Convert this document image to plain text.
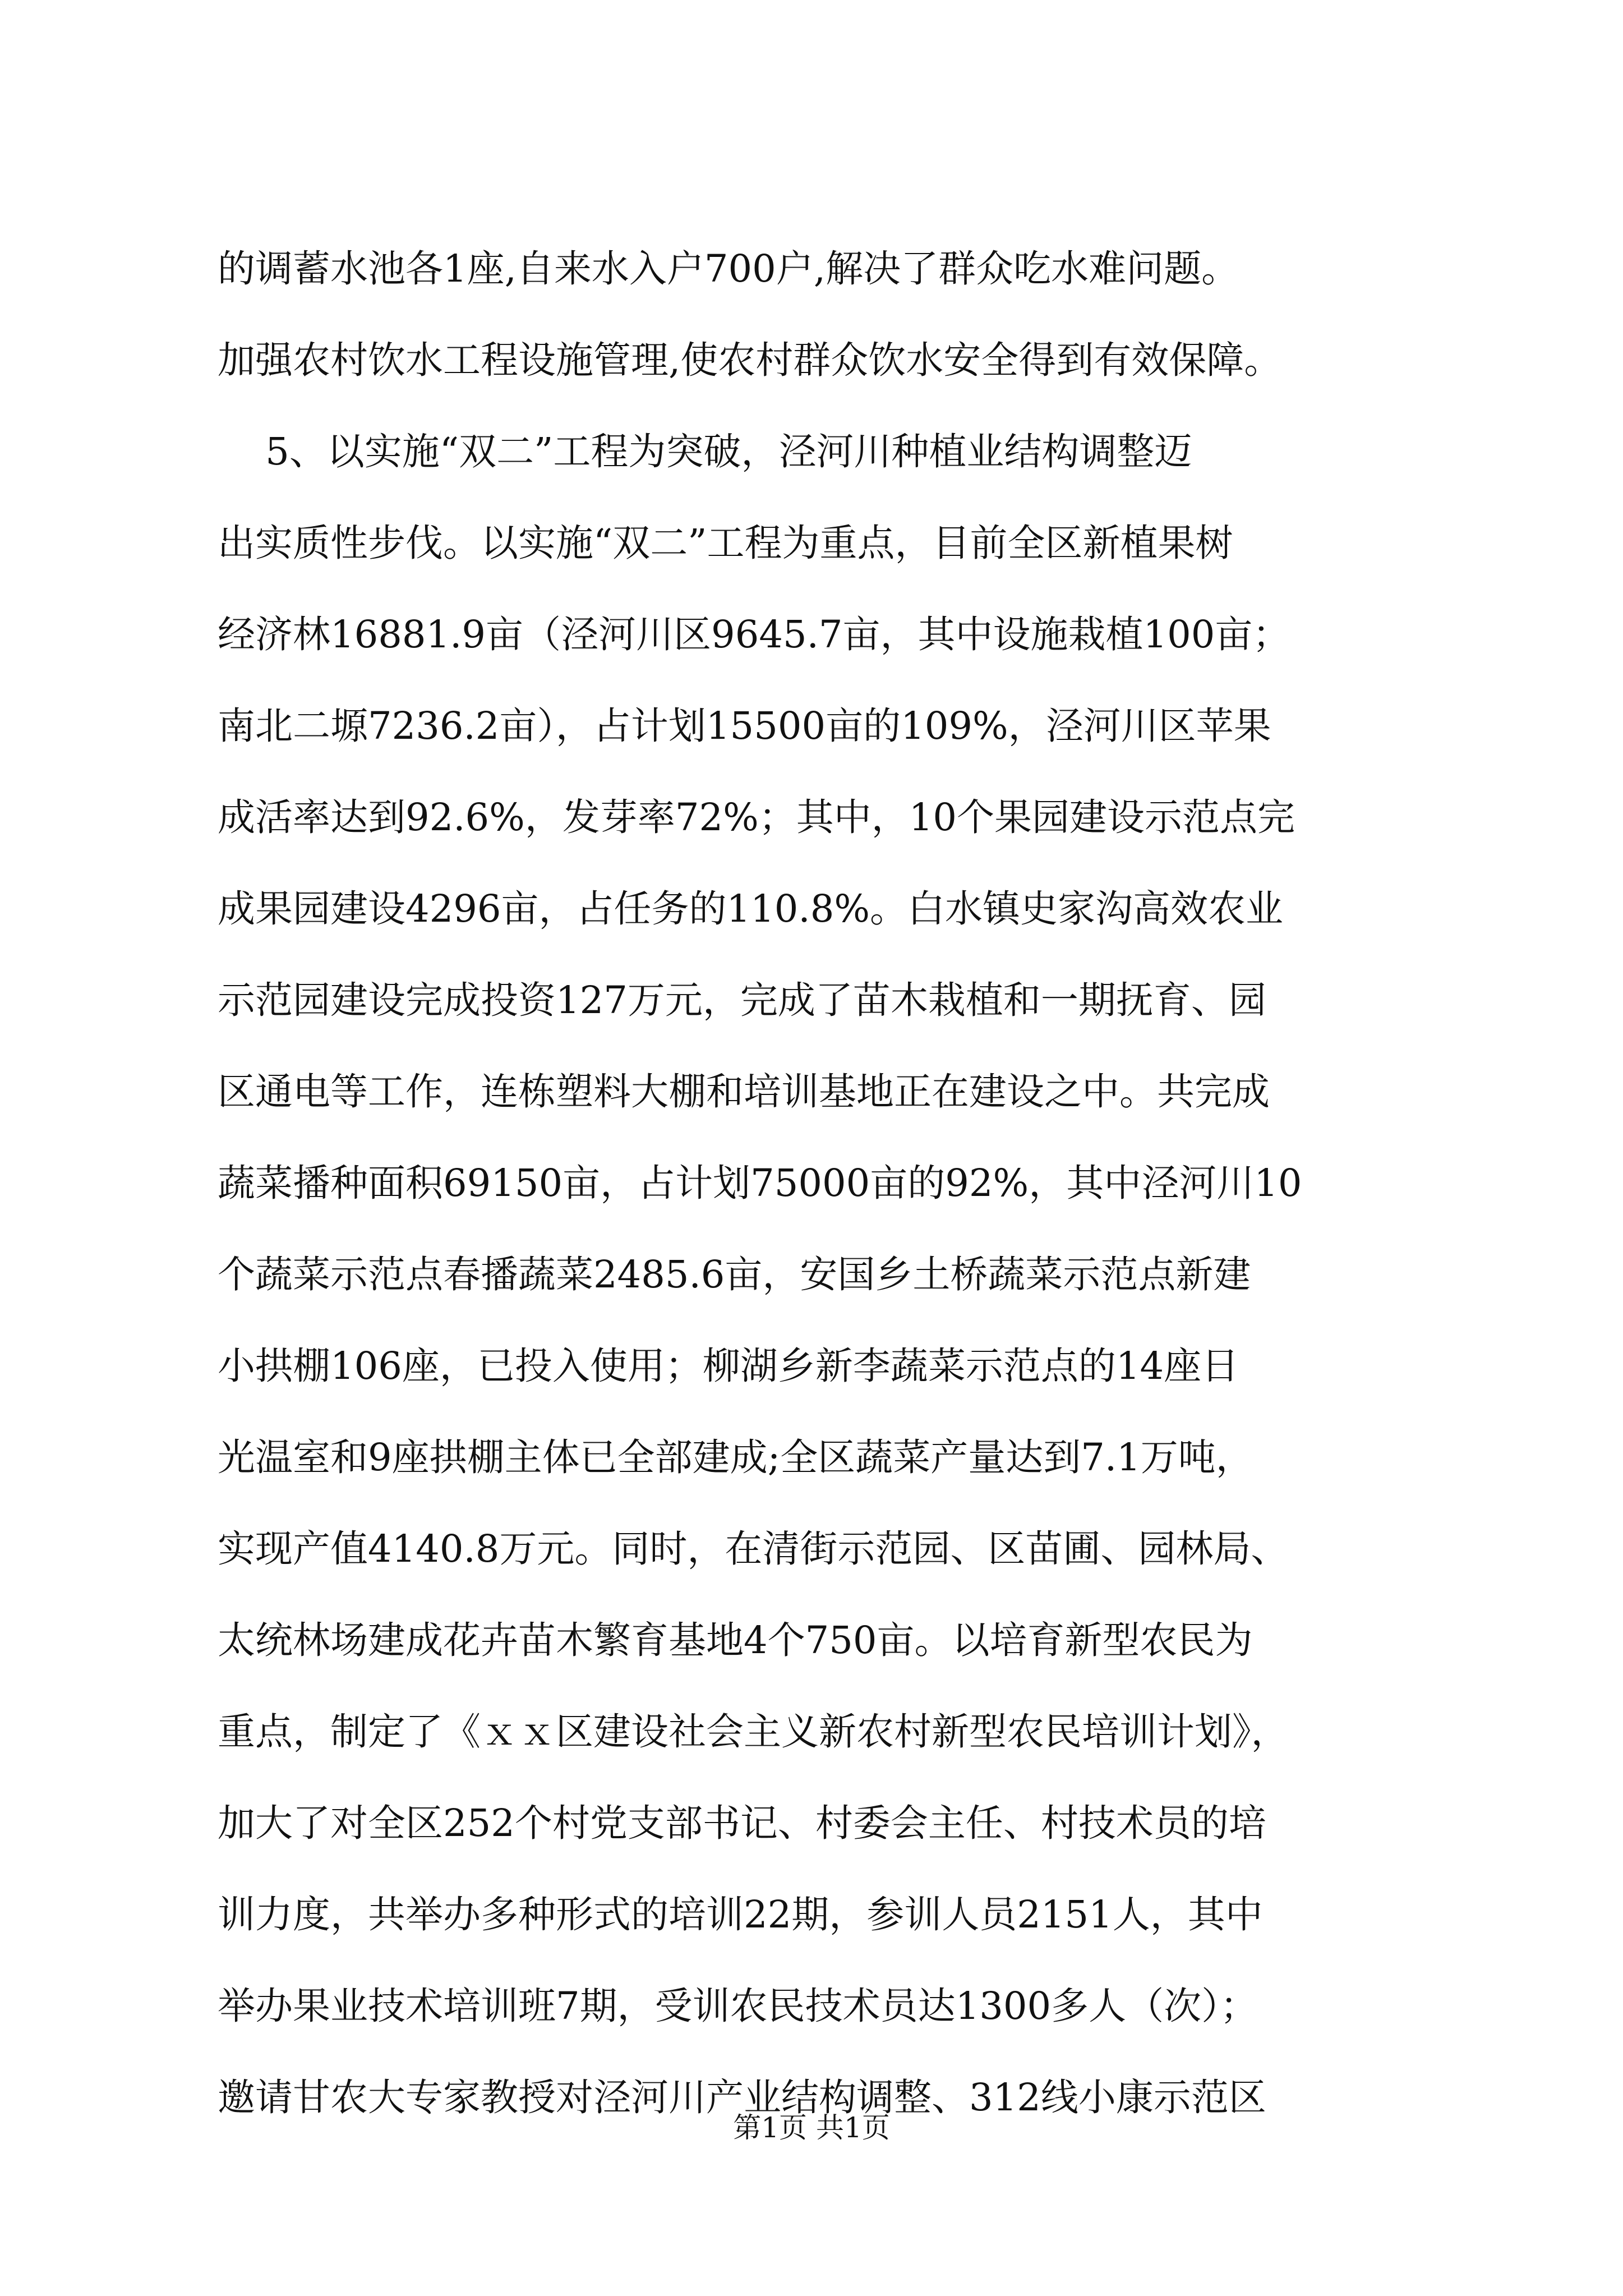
的调蓄水池各1座,自来水入户700户,解决了群众吃水难问题。
加强农村饮水工程设施管理,使农村群众饮水安全得到有效保障。
5、以实施“双二”工程为突破，泾河川种植业结构调整迈
出实质性步伐。以实施“双二”工程为重点，目前全区新植果树
经济林16881.9亩（泾河川区9645.7亩，其中设施栽植100亩；
南北二塬7236.2亩），占计划15500亩的109%，泾河川区苹果
成活率达到92.6%，发芽率72%；其中，10个果园建设示范点完
成果园建设4296亩，占任务的110.8%。白水镇史家沟高效农业
示范园建设完成投资127万元，完成了苗木栽植和一期抚育、园
区通电等工作，连栋塑料大棚和培训基地正在建设之中。共完成
蔬菜播种面积69150亩，占计划75000亩的92%，其中泾河川10
个蔬菜示范点春播蔬菜2485.6亩，安国乡土桥蔬菜示范点新建
小拱棚106座，已投入使用；柳湖乡新李蔬菜示范点的14座日
光温室和9座拱棚主体已全部建成;全区蔬菜产量达到7.1万吨，
实现产值4140.8万元。同时，在清街示范园、区苗圃、园林局、
太统林场建成花卉苗木繁育基地4个750亩。以培育新型农民为
重点，制定了《ｘｘ区建设社会主义新农村新型农民培训计划》，
加大了对全区252个村党支部书记、村委会主任、村技术员的培
训力度，共举办多种形式的培训22期，参训人员2151人，其中
举办果业技术培训班7期，受训农民技术员达1300多人（次）；
邀请甘农大专家教授对泾河川产业结构调整、312线小康示范区
第1页 共1页
